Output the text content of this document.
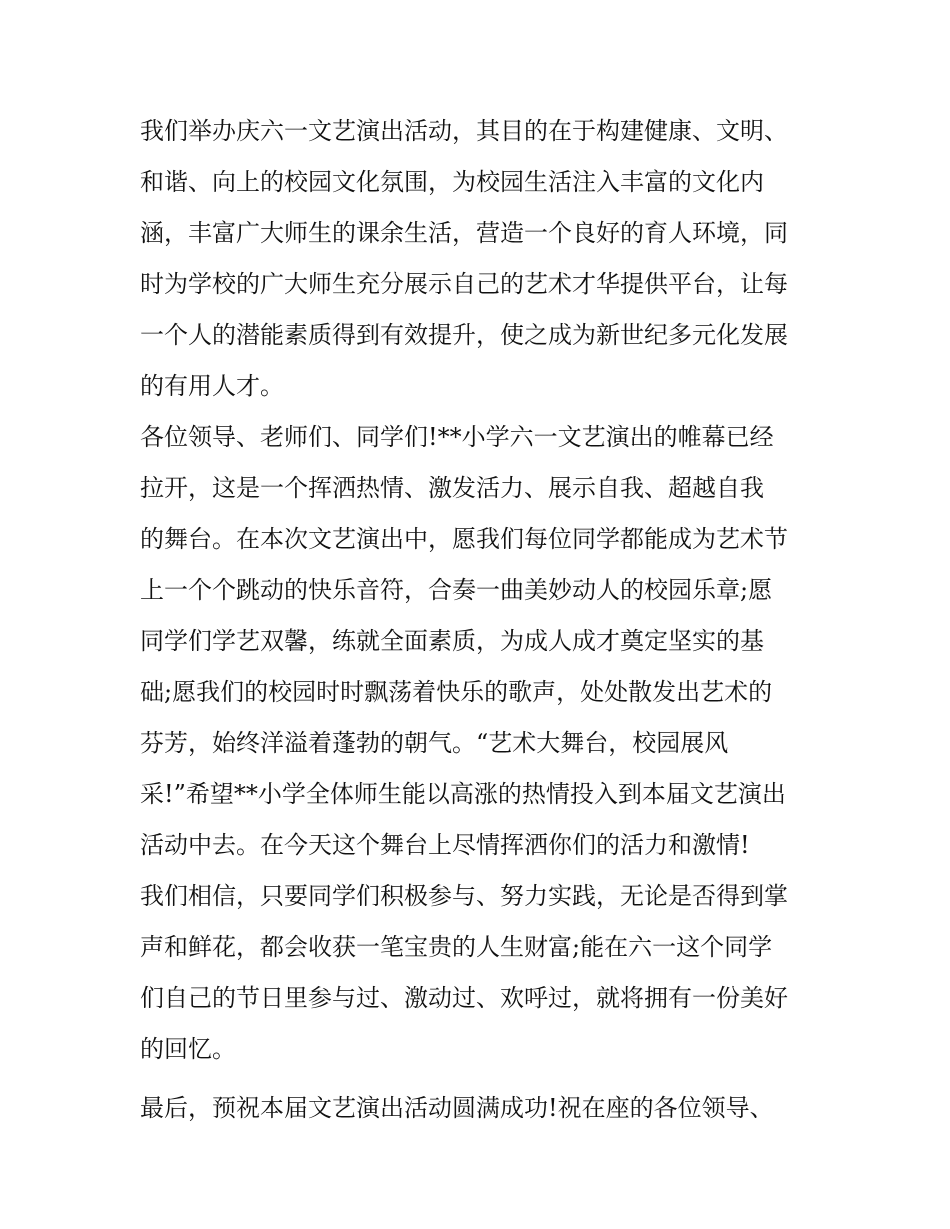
我们举办庆六一文艺演出活动，其目的在于构建健康、文明、
和谐、向上的校园文化氛围，为校园生活注入丰富的文化内
涵，丰富广大师生的课余生活，营造一个良好的育人环境，同
时为学校的广大师生充分展示自己的艺术才华提供平台，让每
一个人的潜能素质得到有效提升，使之成为新世纪多元化发展
的有用人才。
各位领导、老师们、同学们!**小学六一文艺演出的帷幕已经
拉开，这是一个挥洒热情、激发活力、展示自我、超越自我
的舞台。在本次文艺演出中，愿我们每位同学都能成为艺术节
上一个个跳动的快乐音符，合奏一曲美妙动人的校园乐章;愿
同学们学艺双馨，练就全面素质，为成人成才奠定坚实的基
础;愿我们的校园时时飘荡着快乐的歌声，处处散发出艺术的
芬芳，始终洋溢着蓬勃的朝气。“艺术大舞台，校园展风
采!”希望**小学全体师生能以高涨的热情投入到本届文艺演出
活动中去。在今天这个舞台上尽情挥洒你们的活力和激情!
我们相信，只要同学们积极参与、努力实践，无论是否得到掌
声和鲜花，都会收获一笔宝贵的人生财富;能在六一这个同学
们自己的节日里参与过、激动过、欢呼过，就将拥有一份美好
的回忆。
最后，预祝本届文艺演出活动圆满成功!祝在座的各位领导、
